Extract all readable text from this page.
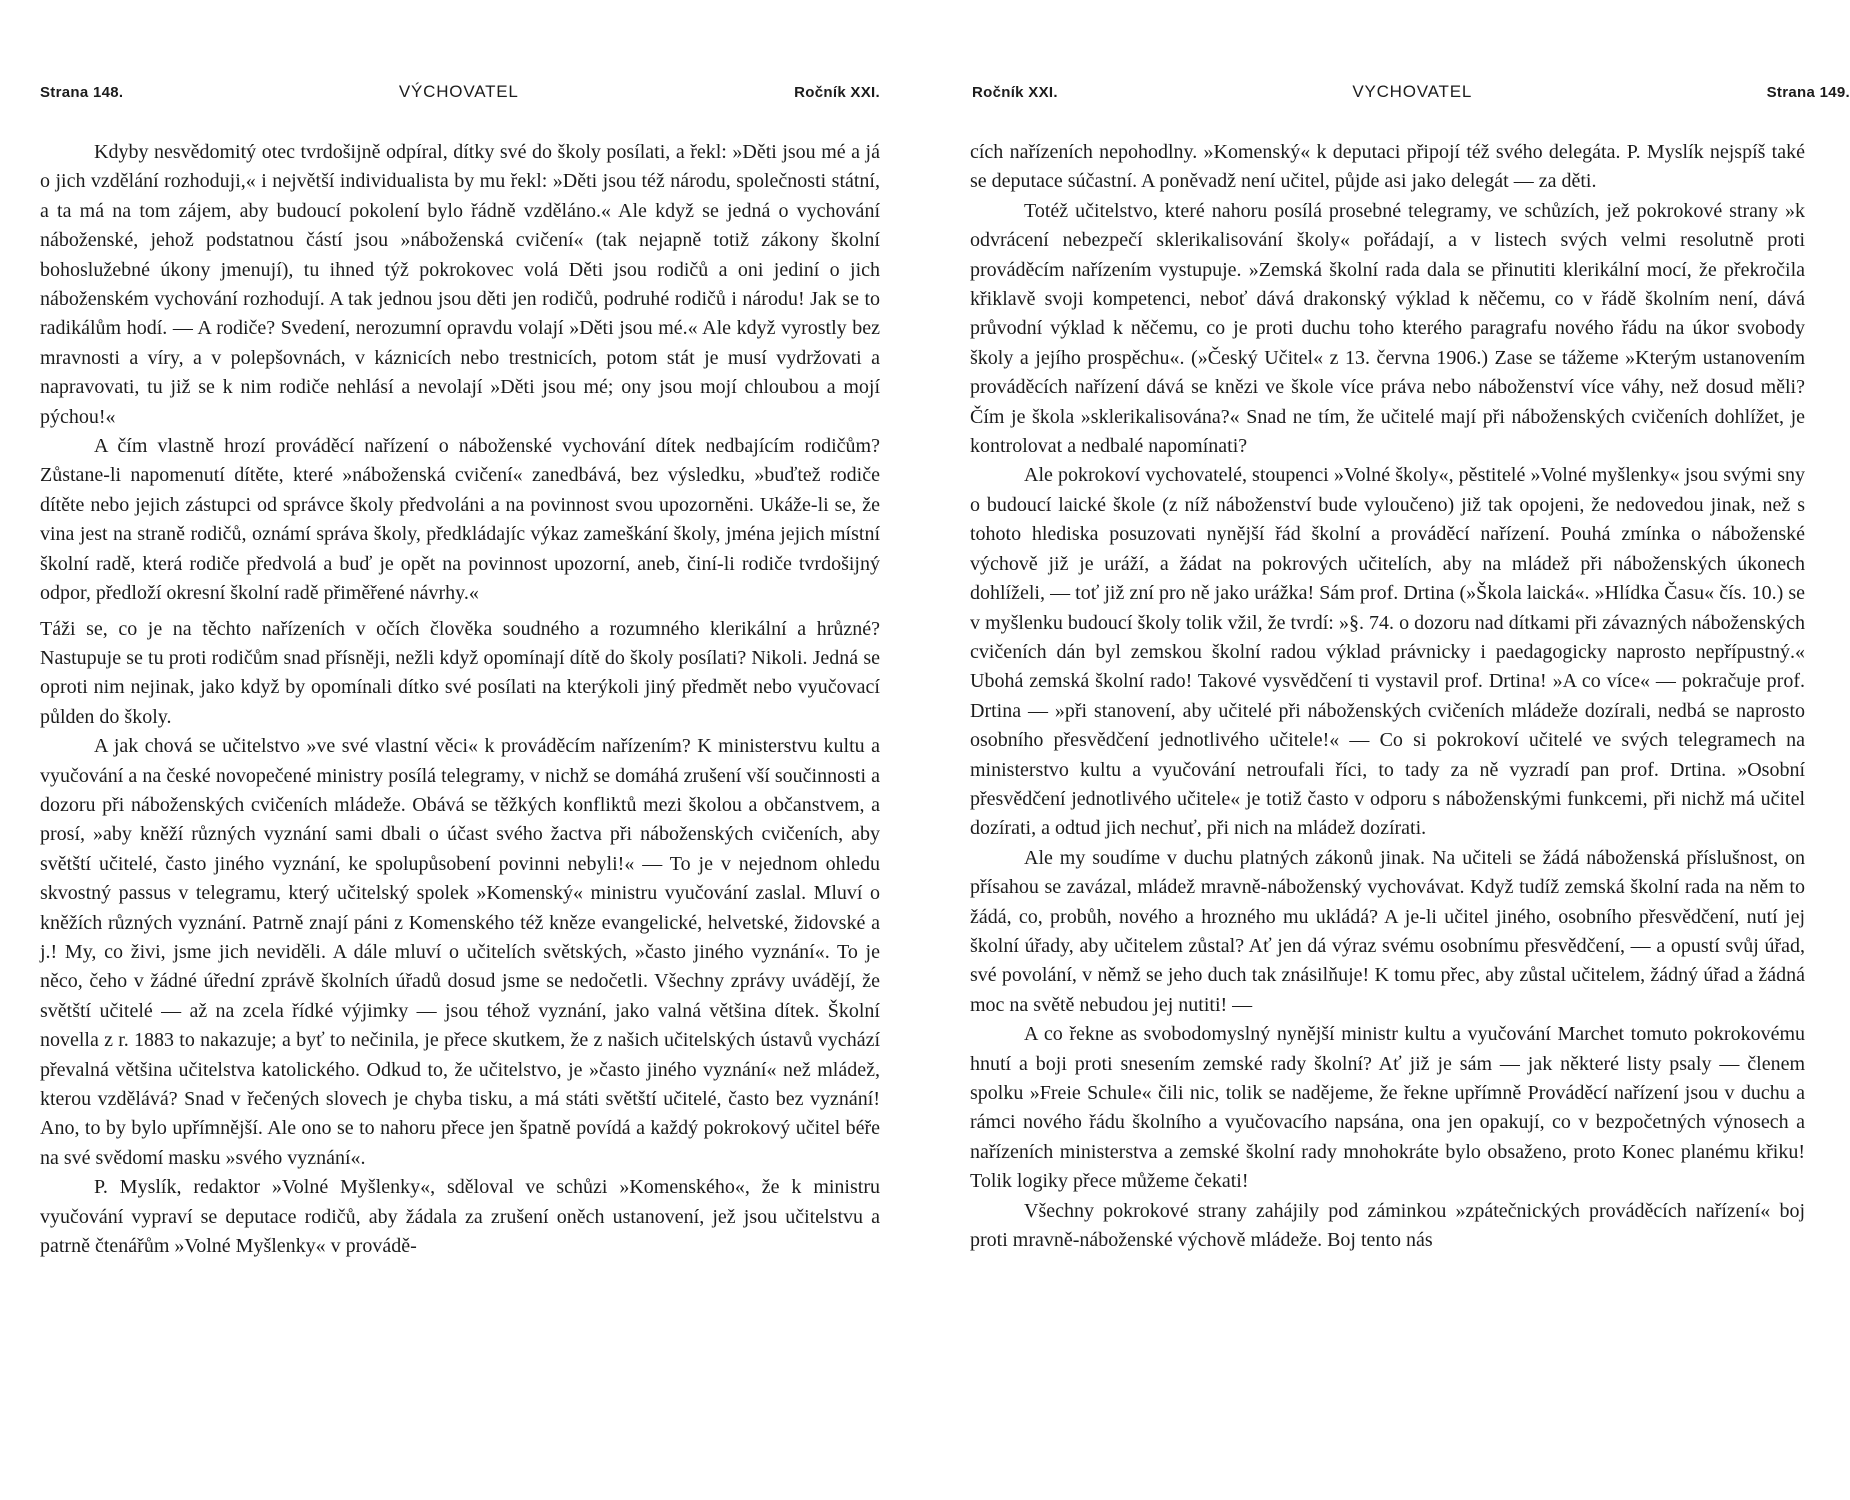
Strana 148.	VÝCHOVATEL	Ročník XXI.

Kdyby nesvědomitý otec tvrdošijně odpíral, dítky své do školy posílati, a řekl: »Děti jsou mé a já o jich vzdělání rozhoduji,« i největší individualista by mu řekl: »Děti jsou též národu, společnosti státní, a ta má na tom zájem, aby budoucí pokolení bylo řádně vzděláno.« Ale když se jedná o vychování náboženské, jehož podstatnou částí jsou »náboženská cvičení« (tak nejapně totiž zákony školní bohoslužebné úkony jmenují), tu ihned týž pokrokovec volá Děti jsou rodičů a oni jediní o jich náboženském vychování rozhodují. A tak jednou jsou děti jen rodičů, podruhé rodičů i národu! Jak se to radikálům hodí. — A rodiče? Svedení, nerozumní opravdu volají »Děti jsou mé.« Ale když vyrostly bez mravnosti a víry, a v polepšovnách, v káznicích nebo trestnicích, potom stát je musí vydržovati a napravovati, tu již se k nim rodiče nehlásí a nevolají »Děti jsou mé; ony jsou mojí chloubou a mojí pýchou!«

A čím vlastně hrozí prováděcí nařízení o náboženské vychování dítek nedbajícím rodičům? Zůstane-li napomenutí dítěte, které »náboženská cvičení« zanedbává, bez výsledku, »buďtež rodiče dítěte nebo jejich zástupci od správce školy předvoláni a na povinnost svou upozorněni. Ukáže-li se, že vina jest na straně rodičů, oznámí správa školy, předkládajíc výkaz zameškání školy, jména jejich místní školní radě, která rodiče předvolá a buď je opět na povinnost upozorní, aneb, činí-li rodiče tvrdošijný odpor, předloží okresní školní radě přiměřené návrhy.«

Táži se, co je na těchto nařízeních v očích člověka soudného a rozumného klerikální a hrůzné? Nastupuje se tu proti rodičům snad přísněji, nežli když opomínají dítě do školy posílati? Nikoli. Jedná se oproti nim nejinak, jako když by opomínali dítko své posílati na kterýkoli jiný předmět nebo vyučovací půlden do školy.

A jak chová se učitelstvo »ve své vlastní věci« k prováděcím nařízením? K ministerstvu kultu a vyučování a na české novopečené ministry posílá telegramy, v nichž se domáhá zrušení vší součinnosti a dozoru při náboženských cvičeních mládeže. Obává se těžkých konfliktů mezi školou a občanstvem, a prosí, »aby kněží různých vyznání sami dbali o účast svého žactva při náboženských cvičeních, aby světští učitelé, často jiného vyznání, ke spolupůsobení povinni nebyli!« — To je v nejednom ohledu skvostný passus v telegramu, který učitelský spolek »Komenský« ministru vyučování zaslal. Mluví o kněžích různých vyznání. Patrně znají páni z Komenského též kněze evangelické, helvetské, židovské a j.! My, co živi, jsme jich neviděli. A dále mluví o učitelích světských, »často jiného vyznání«. To je něco, čeho v žádné úřední zprávě školních úřadů dosud jsme se nedočetli. Všechny zprávy uvádějí, že světští učitelé — až na zcela řídké výjimky — jsou téhož vyznání, jako valná většina dítek. Školní novella z r. 1883 to nakazuje; a byť to nečinila, je přece skutkem, že z našich učitelských ústavů vychází převalná většina učitelstva katolického. Odkud to, že učitelstvo, je »často jiného vyznání« než mládež, kterou vzdělává? Snad v řečených slovech je chyba tisku, a má státi světští učitelé, často bez vyznání! Ano, to by bylo upřímnější. Ale ono se to nahoru přece jen špatně povídá a každý pokrokový učitel béře na své svědomí masku »svého vyznání«.

P. Myslík, redaktor »Volné Myšlenky«, sděloval ve schůzi »Komenského«, že k ministru vyučování vypraví se deputace rodičů, aby žádala za zrušení oněch ustanovení, jež jsou učitelstvu a patrně čtenářům »Volné Myšlenky« v provádě-

Ročník XXI.	VYCHOVATEL	Strana 149.

cích nařízeních nepohodlny. »Komenský« k deputaci připojí též svého delegáta. P. Myslík nejspíš také se deputace súčastní. A poněvadž není učitel, půjde asi jako delegát — za děti.

Totéž učitelstvo, které nahoru posílá prosebné telegramy, ve schůzích, jež pokrokové strany »k odvrácení nebezpečí sklerikalisování školy« pořádají, a v listech svých velmi resolutně proti prováděcím nařízením vystupuje. »Zemská školní rada dala se přinutiti klerikální mocí, že překročila křiklavě svoji kompetenci, neboť dává drakonský výklad k něčemu, co v řádě školním není, dává průvodní výklad k něčemu, co je proti duchu toho kterého paragrafu nového řádu na úkor svobody školy a jejího prospěchu«. (»Český Učitel« z 13. června 1906.) Zase se tážeme »Kterým ustanovením prováděcích nařízení dává se knězi ve škole více práva nebo náboženství více váhy, než dosud měli? Čím je škola »sklerikalisována?« Snad ne tím, že učitelé mají při náboženských cvičeních dohlížet, je kontrolovat a nedbalé napomínati?

Ale pokrokoví vychovatelé, stoupenci »Volné školy«, pěstitelé »Volné myšlenky« jsou svými sny o budoucí laické škole (z níž náboženství bude vyloučeno) již tak opojeni, že nedovedou jinak, než s tohoto hlediska posuzovati nynější řád školní a prováděcí nařízení. Pouhá zmínka o náboženské výchově již je uráží, a žádat na pokrových učitelích, aby na mládež při náboženských úkonech dohlíželi, — toť již zní pro ně jako urážka! Sám prof. Drtina (»Škola laická«. »Hlídka Času« čís. 10.) se v myšlenku budoucí školy tolik vžil, že tvrdí: »§. 74. o dozoru nad dítkami při závazných náboženských cvičeních dán byl zemskou školní radou výklad právnicky i paedagogicky naprosto nepřípustný.« Ubohá zemská školní rado! Takové vysvědčení ti vystavil prof. Drtina! »A co více« — pokračuje prof. Drtina — »při stanovení, aby učitelé při náboženských cvičeních mládeže dozírali, nedbá se naprosto osobního přesvědčení jednotlivého učitele!« — Co si pokrokoví učitelé ve svých telegramech na ministerstvo kultu a vyučování netroufali říci, to tady za ně vyzradí pan prof. Drtina. »Osobní přesvědčení jednotlivého učitele« je totiž často v odporu s náboženskými funkcemi, při nichž má učitel dozírati, a odtud jich nechuť, při nich na mládež dozírati.

Ale my soudíme v duchu platných zákonů jinak. Na učiteli se žádá náboženská příslušnost, on přísahou se zavázal, mládež mravně-náboženský vychovávat. Když tudíž zemská školní rada na něm to žádá, co, probůh, nového a hrozného mu ukládá? A je-li učitel jiného, osobního přesvědčení, nutí jej školní úřady, aby učitelem zůstal? Ať jen dá výraz svému osobnímu přesvědčení, — a opustí svůj úřad, své povolání, v němž se jeho duch tak znásilňuje! K tomu přec, aby zůstal učitelem, žádný úřad a žádná moc na světě nebudou jej nutiti! —

A co řekne as svobodomyslný nynější ministr kultu a vyučování Marchet tomuto pokrokovému hnutí a boji proti snesením zemské rady školní? Ať již je sám — jak některé listy psaly — členem spolku »Freie Schule« čili nic, tolik se nadějeme, že řekne upřímně Prováděcí nařízení jsou v duchu a rámci nového řádu školního a vyučovacího napsána, ona jen opakují, co v bezpočetných výnosech a nařízeních ministerstva a zemské školní rady mnohokráte bylo obsaženo, proto Konec planému křiku! Tolik logiky přece můžeme čekati!

Všechny pokrokové strany zahájily pod záminkou »zpátečnických prováděcích nařízení« boj proti mravně-náboženské výchově mládeže. Boj tento nás
